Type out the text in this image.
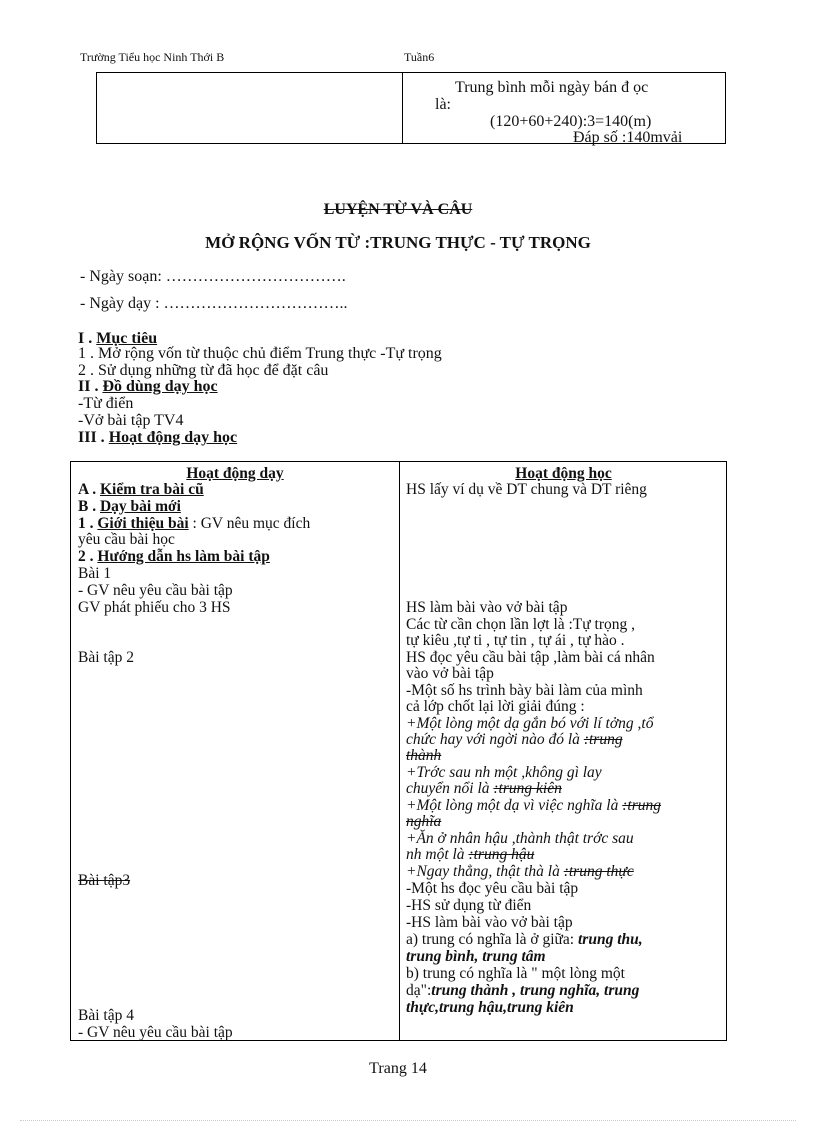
Trường Tiểu học Ninh Thới B	Tuần6
Trung bình mỗi ngày bán đ ọc
là:
(120+60+240):3=140(m)
Đáp số :140mvải
LUYỆN TỪ VÀ CÂU
MỞ RỘNG VỐN TỪ :TRUNG THỰC - TỰ TRỌNG
- Ngày soạn: …………………………….
- Ngày dạy : ……………………………..
I . Mục tiêu
1 . Mở rộng vốn từ thuộc chủ điểm Trung thực -Tự trọng
2 . Sử dụng những từ đã học để đặt câu
II . Đồ dùng dạy học
-Từ điển
-Vở bài tập TV4
III . Hoạt động dạy học
Hoạt động dạy	Hoạt động học
A . Kiểm tra bài cũ
B . Dạy bài mới
1 . Giới thiệu bài : GV nêu mục đích
yêu cầu bài học
2 . Hướng dẫn hs làm bài tập
Bài 1
- GV nêu yêu cầu bài tập
GV phát phiếu cho 3 HS
Bài tập 2
Bài tập3
Bài tập 4
- GV nêu yêu cầu bài tập
HS lấy ví dụ về DT chung và DT riêng
HS làm bài vào vở bài tập
Các từ cần chọn lần lợt là :Tự trọng ,
tự kiêu ,tự ti , tự tin , tự ái , tự hào .
HS đọc yêu cầu bài tập ,làm bài cá nhân
vào vở bài tập
-Một số hs trình bày bài làm của mình
cả lớp chốt lại lời giải đúng :
+Một lòng một dạ gắn bó với lí tởng ,tổ
chức hay với ngời nào đó là :trung
thành
+Trớc sau nh một ,không gì lay
chuyển nổi là :trung kiên
+Một lòng một dạ vì việc nghĩa là :trung
nghĩa
+Ăn ở nhân hậu ,thành thật trớc sau
nh một là :trung hậu
+Ngay thẳng, thật thà là :trung thực
-Một hs đọc yêu cầu bài tập
-HS sử dụng từ điển
-HS làm bài vào vở bài tập
a) trung có nghĩa là ở giữa: trung thu,
trung bình, trung tâm
b) trung có nghĩa là " một lòng một
dạ":trung thành , trung nghĩa, trung
thực,trung hậu,trung kiên
Trang 14
